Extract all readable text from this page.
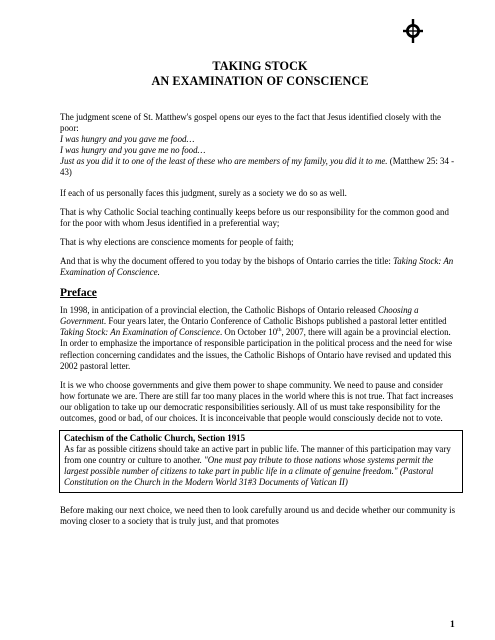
TAKING STOCK
AN EXAMINATION OF CONSCIENCE

The judgment scene of St. Matthew's gospel opens our eyes to the fact that Jesus identified closely with the poor:

I was hungry and you gave me food…

I was hungry and you gave me no food…

Just as you did it to one of the least of these who are members of my family, you did it to me. (Matthew 25: 34 - 43)

If each of us personally faces this judgment, surely as a society we do so as well.

That is why Catholic Social teaching continually keeps before us our responsibility for the common good and for the poor with whom Jesus identified in a preferential way;

That is why elections are conscience moments for people of faith;

And that is why the document offered to you today by the bishops of Ontario carries the title: Taking Stock: An Examination of Conscience.

Preface

In 1998, in anticipation of a provincial election, the Catholic Bishops of Ontario released Choosing a Government. Four years later, the Ontario Conference of Catholic Bishops published a pastoral letter entitled Taking Stock: An Examination of Conscience. On October 10th, 2007, there will again be a provincial election. In order to emphasize the importance of responsible participation in the political process and the need for wise reflection concerning candidates and the issues, the Catholic Bishops of Ontario have revised and updated this 2002 pastoral letter.

It is we who choose governments and give them power to shape community. We need to pause and consider how fortunate we are. There are still far too many places in the world where this is not true. That fact increases our obligation to take up our democratic responsibilities seriously. All of us must take responsibility for the outcomes, good or bad, of our choices. It is inconceivable that people would consciously decide not to vote.

Catechism of the Catholic Church, Section 1915
As far as possible citizens should take an active part in public life. The manner of this participation may vary from one country or culture to another. "One must pay tribute to those nations whose systems permit the largest possible number of citizens to take part in public life in a climate of genuine freedom." (Pastoral Constitution on the Church in the Modern World 31#3 Documents of Vatican II)

Before making our next choice, we need then to look carefully around us and decide whether our community is moving closer to a society that is truly just, and that promotes

1
